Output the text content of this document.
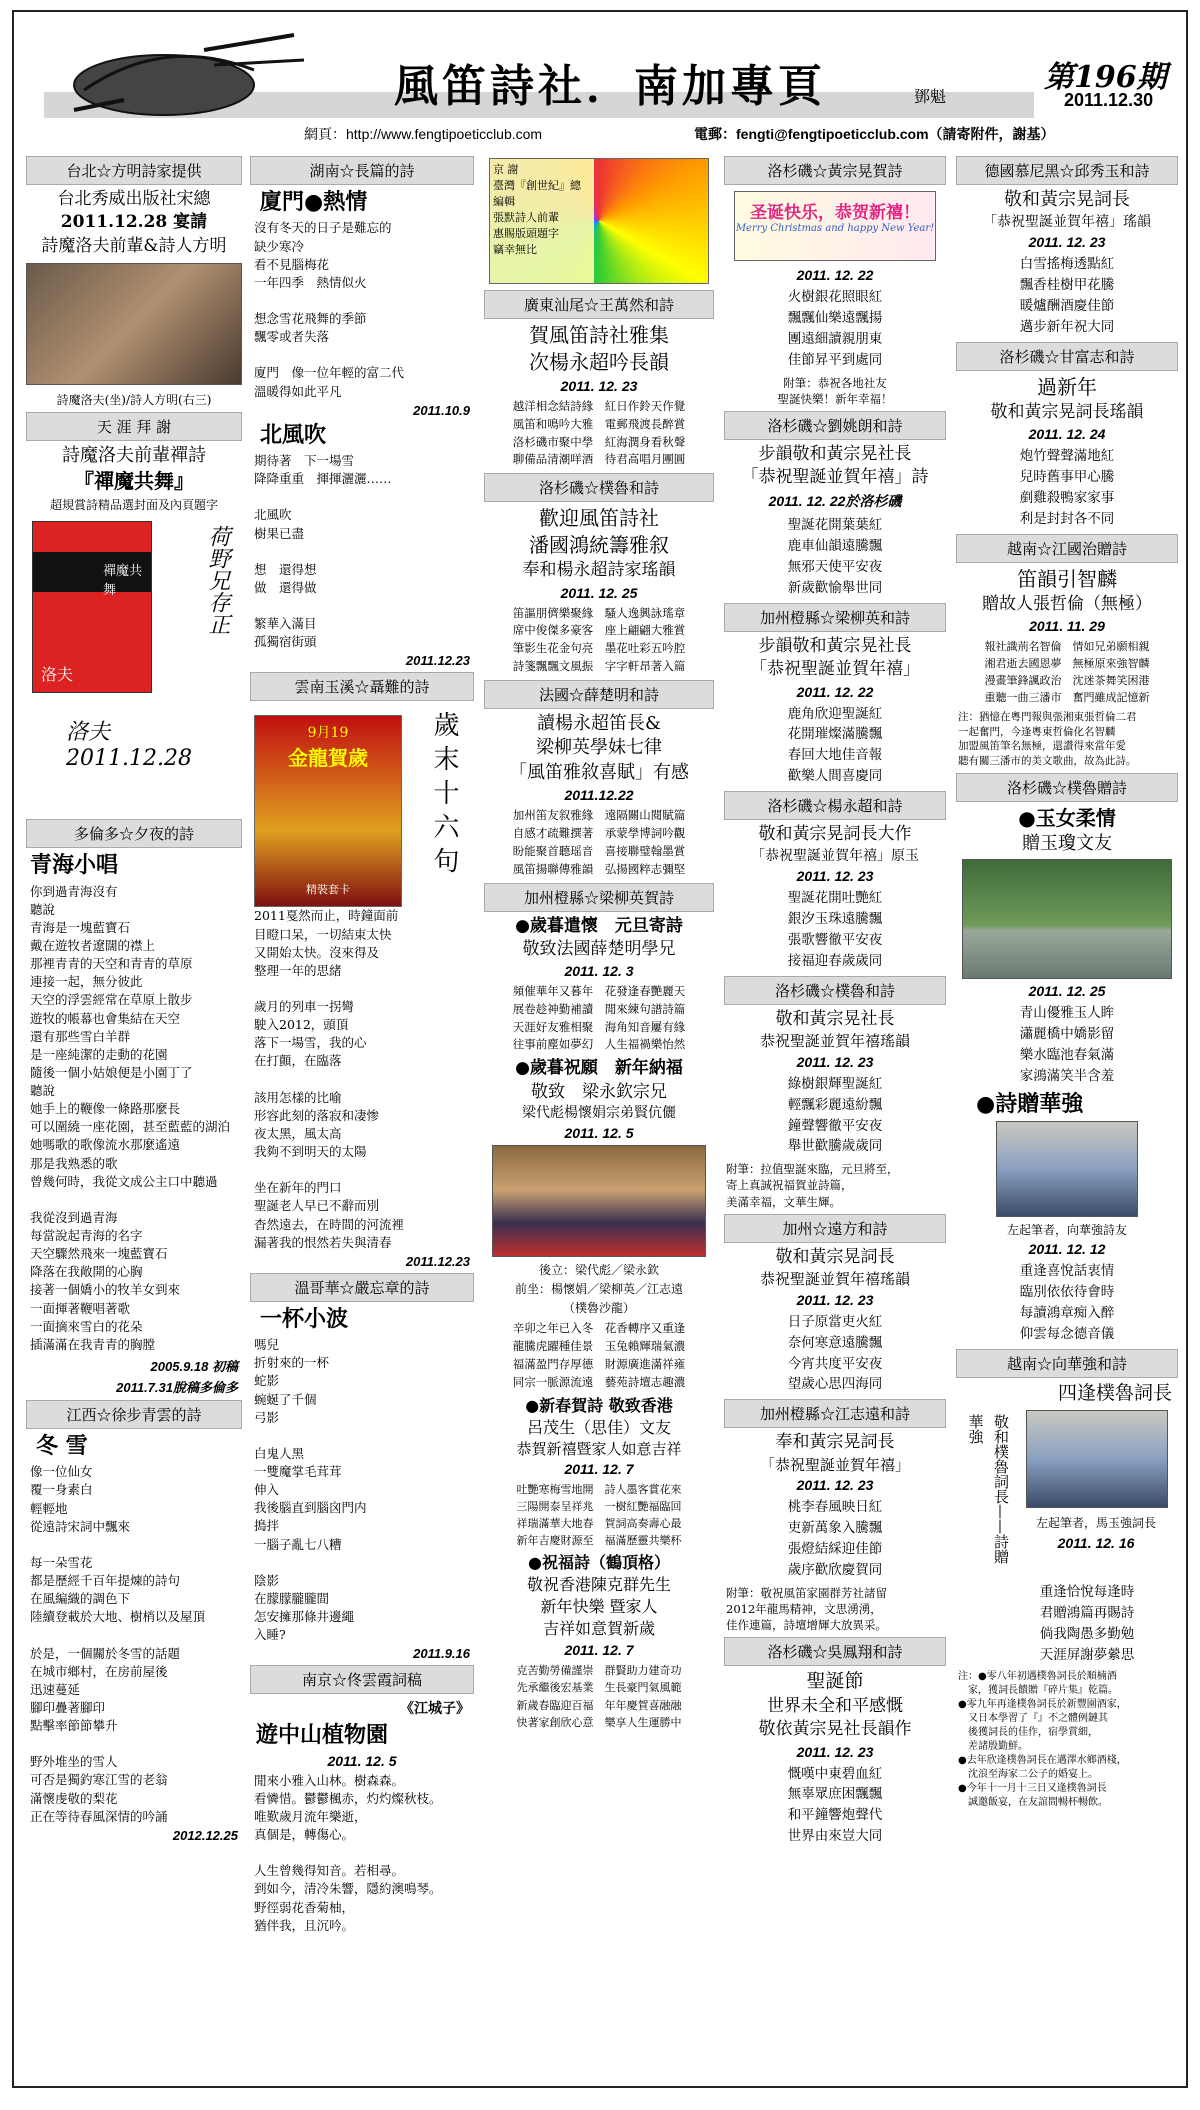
風笛詩社．南加專頁	鄧魁
第196期
2011.12.30
網頁：http://www.fengtipoeticclub.com	電郵：fengti@fengtipoeticclub.com（請寄附件，謝基）
台北☆方明詩家提供
台北秀威出版社宋總
2011.12.28 宴請
詩魔洛夫前輩&詩人方明
詩魔洛夫(坐)/詩人方明(右三)
天 涯 拜 謝
詩魔洛夫前輩禪詩
『禪魔共舞』
超規賞詩精品選封面及內頁題字
禪魔共舞
洛夫
洛夫 2011.12.28
荷野兄存正
多倫多☆夕夜的詩
青海小唱
你到過青海沒有
聽說
青海是一塊藍寶石
戴在遊牧者遼闊的襟上
那裡青青的天空和青青的草原
連接一起，無分彼此
天空的浮雲經常在草原上散步
遊牧的帳幕也會集結在天空
還有那些雪白羊群
是一座純潔的走動的花園
隨後一個小姑娘便是小園丁了
聽說
她手上的鞭像一條路那麼長
可以圍繞一座花園，甚至藍藍的湖泊
她嗎歌的歌像流水那麼遙遠
那是我熟悉的歌
曾幾何時，我從文成公主口中聽過

我從沒到過青海
每當說起青海的名字
天空驟然飛來一塊藍寶石
降落在我敞開的心胸
接著一個嬌小的牧羊女到來
一面揮著鞭唱著歌
一面摘來雪白的花朵
插滿滿在我青青的胸膛
2005.9.18 初稿
2011.7.31脫稿多倫多
江西☆徐步青雲的詩
冬 雪
像一位仙女
覆一身素白
輕輕地
從遠詩宋詞中飄來

每一朵雪花
都是歷經千百年提煉的詩句
在風編織的調色下
陸續登載於大地、樹梢以及屋頂

於是，一個關於冬雪的話題
在城市鄉村，在房前屋後
迅速蔓延
腳印疊著腳印
點擊率節節攀升

野外堆坐的雪人
可否是獨釣寒江雪的老翁
滿懷虔敬的梨花
正在等待春風深情的吟誦
2012.12.25
湖南☆長篇的詩
廈門●熱情
沒有冬天的日子是難忘的
缺少寒冷
看不見腦梅花
一年四季　熱情似火

想念雪花飛舞的季節
飄零或者失落

廈門　像一位年輕的富二代
溫暖得如此平凡
2011.10.9
北風吹
期待著　下一場雪
降降重重　揮揮灑灑……

北風吹
樹果已盡

想　還得想
做　還得做

繁華入滿目
孤獨宿街頭
2011.12.23
雲南玉溪☆聶難的詩
9月19
金龍賀歲
精裝套卡
歲末十六句
2011戛然而止，時鐘面前
目瞪口呆，一切結束太快
又開始太快。沒來得及
整理一年的思緒

歲月的列車一拐彎
駛入2012，頭頂
落下一場雪，我的心
在打顫，在臨落

該用怎樣的比喻
形容此刻的落寂和凄惨
夜太黑，風太高
我夠不到明天的太陽

坐在新年的門口
聖誕老人早已不辭而別
杳然遠去，在時間的河流裡
漏著我的恨然若失與清春
2011.12.23
溫哥華☆嚴忘章的詩
一杯小波
嗎兒
折射來的一杯
蛇影
蜿蜒了千個
弓影

白鬼人黑
一雙魔掌毛茸茸
伸入
我後腦直到腦囟門内
搗拌
一腦子亂七八糟

陰影
在朦朦朧朧間
怎安擁那條井邊繩
入睡?
2011.9.16
南京☆佟雲霞詞稿
《江城子》
遊中山植物園
2011. 12. 5
閒來小雅入山林。樹森森。
看憐惜。鬱鬱楓赤，灼灼燦秋枝。
唯歎歲月流年樂逝，
真個是，轉傷心。

人生曾幾得知音。若相尋。
到如今，清冷朱響，隱約澳鳴琴。
野徑弱花香菊柚，
猶伴我，且沉吟。
京 謝
臺灣『創世紀』總編輯
張默詩人前輩
惠賜版頭題字
竊幸無比
廣東汕尾☆王萬然和詩
賀風笛詩社雅集
次楊永超吟長韻
2011. 12. 23
越洋相念結詩緣　紅日作鈴天作覺
風笛和鳴吟大雅　電郵飛渡長醉賞
洛杉磯市聚中學　紅海潤身看秋聲
聊備品清潮咩酒　待君高唱月團圓
洛杉磯☆樸魯和詩
歡迎風笛詩社
潘國鴻統籌雅叙
奉和楊永超詩家瑤韻
2011. 12. 25
笛謳朋儕樂聚緣　騷人逸興詠瑤章
席中俊傑多豪客　座上翩翩大雅賞
筆影生花金句亮　墨花吐彩五吟腔
詩箋飄飄文風振　字字軒昂著入篇
法國☆薛楚明和詩
讀楊永超笛長&
梁柳英學妹七律
「風笛雅敘喜賦」有感
2011.12.22
加州笛友叙雅緣　遠隔關山閱賦篇
自感才疏難撰著　承蒙學博詞吟觀
盼能聚首聽瑶音　喜接聯璧翰墨賞
風笛揚聯傳雅韻　弘揚國粹志彌堅
加州橙縣☆梁柳英賀詩
●歲暮遣懷　元旦寄詩
敬致法國薛楚明學兄
2011. 12. 3
頻催華年又暮年　花發逢春艷麗天
展卷趁神勤補讀　閒來練句譜詩篇
天涯好友雅相聚　海角知音屢有緣
往事前塵如夢幻　人生福禍樂怡然
●歲暮祝願　新年納福
敬致　梁永欽宗兄
梁代彪楊懷娟宗弟賢伉儷
2011. 12. 5
後立：梁代彪／梁永欽
前坐：楊懷娟／梁柳英／江志遠
（樸魯沙龍）
辛卯之年已入冬　花香轉序又重逢
龍騰虎躍種佳景　玉兔賴輝瑞氣濃
福滿盈門存厚德　財源廣進滿祥雍
同宗一脈源流遠　藝苑詩壇志趣濃
●新春賀詩 敬致香港
呂茂生（思佳）文友
恭賀新禧暨家人如意吉祥
2011. 12. 7
吐艷寒梅雪地開　詩人墨客賞花來
三陽開泰呈祥兆　一樹紅艷福臨回
祥瑞滿華大地春　賀詞高奏壽心最
新年吉慶財源至　福滿歷靈共樂杯
●祝福詩（鶴頂格）
敬祝香港陳克群先生
新年快樂 暨家人
吉祥如意賀新歲
2011. 12. 7
克苦勤勞備謹崇　群賢助力建奇功
先承繼後宏基業　生長豪門氣風範
新歲春臨迎百福　年年慶賀喜融融
快著家創欣心意　樂享人生運勝中
洛杉磯☆黃宗晃賀詩
圣诞快乐，恭贺新禧！
Merry Christmas and happy New Year!
2011. 12. 22
火樹銀花照眼紅
飄飄仙樂遠飄揚
團遠細讀親朋東
佳節昇平到處同
附筆：恭祝各地社友
聖誕快樂！新年幸福！
洛杉磯☆劉姚朗和詩
步韻敬和黃宗晃社長
「恭祝聖誕並賀年禧」詩
2011. 12. 22於洛杉磯
聖誕花開葉葉紅
鹿車仙韻遠騰飄
無邪天使平安夜
新歲歡愉舉世同
加州橙縣☆梁柳英和詩
步韻敬和黃宗晃社長
「恭祝聖誕並賀年禧」
2011. 12. 22
鹿角欣迎聖誕紅
花開璀燦滿騰飄
春回大地佳音報
歡樂人間喜慶同
洛杉磯☆楊永超和詩
敬和黃宗晃詞長大作
「恭祝聖誕並賀年禧」原玉
2011. 12. 23
聖誕花開吐艷紅
銀汐玉珠遠騰飄
張歌響徹平安夜
接福迎春歲歲同
洛杉磯☆樸魯和詩
敬和黃宗晃社長
恭祝聖誕並賀年禧瑤韻
2011. 12. 23
綠樹銀輝聖誕紅
輕飄彩麗遠紛飄
鐘聲響徹平安夜
舉世歡騰歲歲同
附筆：拉值聖誕來臨，元旦將至，
寄上真誠祝福賀並詩篇，
美滿幸福，文華生輝。
加州☆遠方和詩
敬和黃宗晃詞長
恭祝聖誕並賀年禧瑤韻
2011. 12. 23
日子原當吏火紅
奈何寒意遠騰飄
今宵共度平安夜
望歲心思四海同
加州橙縣☆江志遠和詩
奉和黃宗晃詞長
「恭祝聖誕並賀年禧」
2011. 12. 23
桃李春風映日紅
吏新萬象入騰飄
張燈結綵迎佳節
歲序歡欣慶賀同
附筆：敬祝風笛家園群芳社諸留
2012年龍馬精神，文思湧湧，
佳作連篇，詩壇增輝大放異采。
洛杉磯☆吳鳳翔和詩
聖誕節
世界未全和平感慨
敬依黃宗晃社長韻作
2011. 12. 23
慨嘆中東碧血紅
無辜眾庶困飄飄
和平鐘響炮聲代
世界由來豈大同
德國慕尼黑☆邱秀玉和詩
敬和黃宗晃詞長
「恭祝聖誕並賀年禧」瑤韻
2011. 12. 23
白雪搖梅透點紅
飄香桂樹甲花騰
暖爐酬酒慶佳節
邁步新年祝大同
洛杉磯☆甘富志和詩
過新年
敬和黃宗晃詞長瑤韻
2011. 12. 24
炮竹聲聲滿地紅
兒時舊事甲心騰
剷雞殺鴨家家事
利是封封各不同
越南☆江國治贈詩
笛韻引智麟
贈故人張哲倫（無極）
2011. 11. 29
報社識荊名智倫　情如兄弟願相親
湘君逝去國恩夢　無極原來強智麟
漫畫筆鋒諷政治　沈迷茶舞笑困港
重聽一曲三潘市　奮門雖成記憶新
注：猶憶在粵門報與張湘東張哲倫二君
一起奮門，今逢粵東哲倫化名智麟
加盟風笛筆名無極，還讚得來當年愛
聽有關三潘市的美文歌曲，故為此詩。
洛杉磯☆樸魯贈詩
●玉女柔情
贈玉瓊文友
2011. 12. 25
青山優雅玉人眸
瀟麗橋中嬌影留
樂水臨池春氣滿
家鴻滿笑半含羞
●詩贈華強
左起筆者，向華強詩友
2011. 12. 12
重逢喜悅話衷情
臨別依依待會時
每讀鴻章痴入醉
仰雲每念德音儀
越南☆向華強和詩
四逢樸魯詞長
敬和樸魯詞長——詩贈華強
左起筆者，馬玉強詞長
2011. 12. 16
重逢恰悅每逢時
君贈鴻篇再賜詩
倘我陶愚多勤勉
天涯屏謝夢縈思
注：●零八年初遇樸魯詞長於順楠酒
　家，獲詞長饋贈『碎片集』乾篇。
●零九年再逢樸魯詞長於新豐園酒家，
　又日本學習了『』不之體例鏈其
　後獲詞長的佳作，宿學賞細，
　差諸殷勤鮮。
●去年欣逢樸魯詞長在邁澤水鄉酒棧，
　沈浪至海家二公子的婚宴上。
●今年十一月十三日又逢樸魯詞長
　誠邀飯宴，在友誼間暢杯暢飲。
